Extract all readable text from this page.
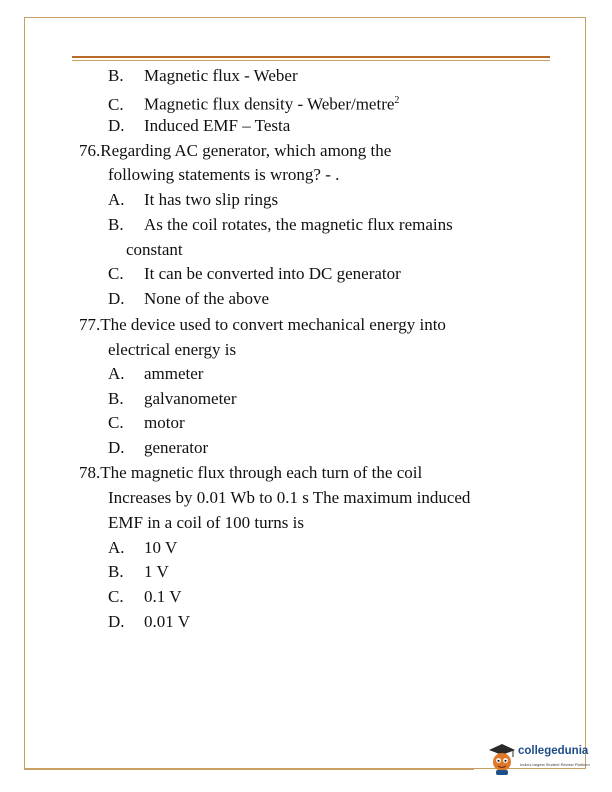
B. Magnetic flux - Weber
C. Magnetic flux density - Weber/metre$^2$
D. Induced EMF – Testa
76.Regarding AC generator, which among the
following statements is wrong? - .
A. It has two slip rings
B. As the coil rotates, the magnetic flux remains
constant
C. It can be converted into DC generator
D. None of the above
77.The device used to convert mechanical energy into
electrical energy is
A. ammeter
B. galvanometer
C. motor
D. generator
78.The magnetic flux through each turn of the coil
Increases by 0.01 Wb to 0.1 s The maximum induced
EMF in a coil of 100 turns is
A. 10 V
B. 1 V
C. 0.1 V
D. 0.01 V
collegedunia
India's largest Student Review Platform
